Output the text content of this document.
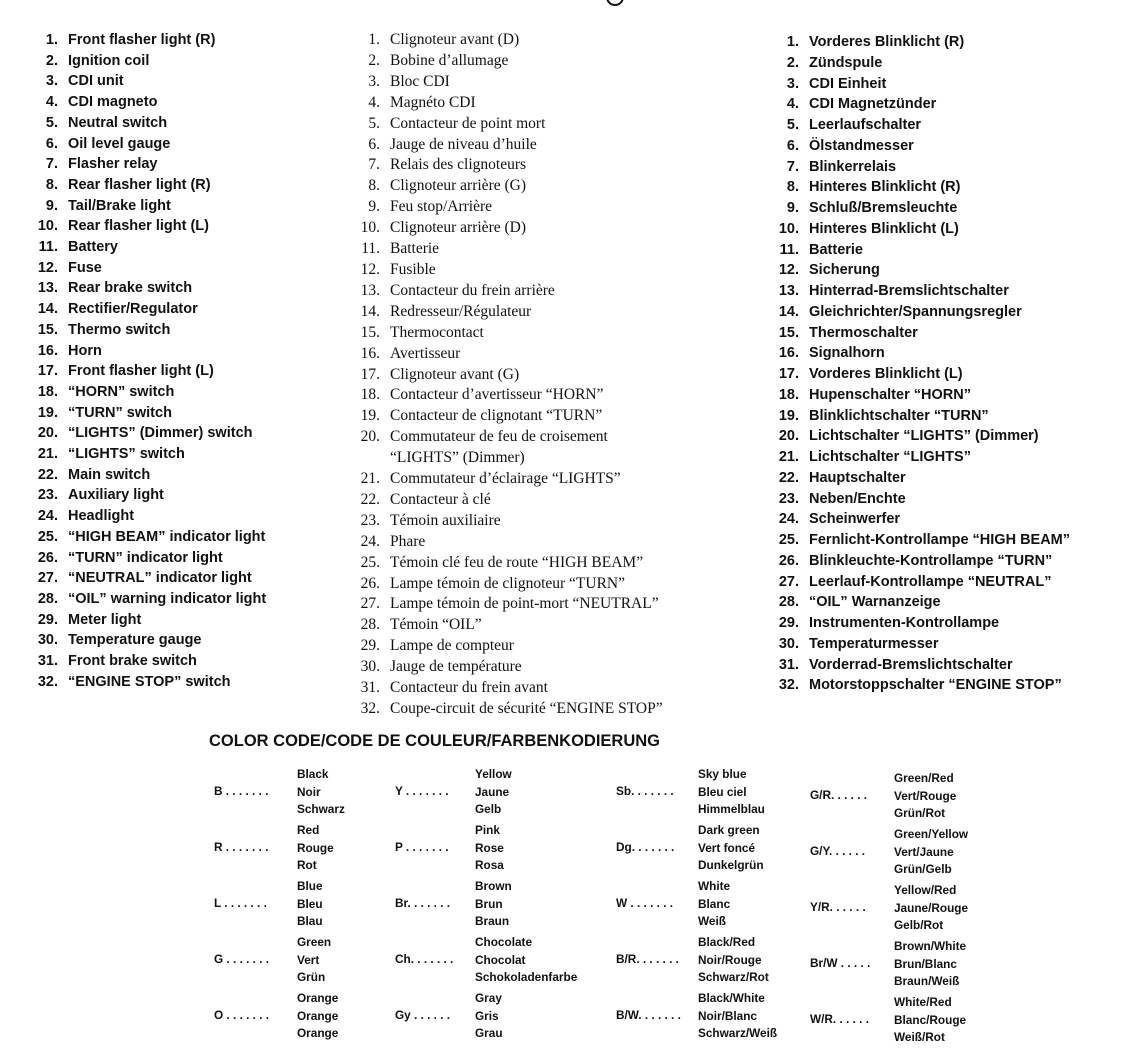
1. Front flasher light (R)
2. Ignition coil
3. CDI unit
4. CDI magneto
5. Neutral switch
6. Oil level gauge
7. Flasher relay
8. Rear flasher light (R)
9. Tail/Brake light
10. Rear flasher light (L)
11. Battery
12. Fuse
13. Rear brake switch
14. Rectifier/Regulator
15. Thermo switch
16. Horn
17. Front flasher light (L)
18. “HORN” switch
19. “TURN” switch
20. “LIGHTS” (Dimmer) switch
21. “LIGHTS” switch
22. Main switch
23. Auxiliary light
24. Headlight
25. “HIGH BEAM” indicator light
26. “TURN” indicator light
27. “NEUTRAL” indicator light
28. “OIL” warning indicator light
29. Meter light
30. Temperature gauge
31. Front brake switch
32. “ENGINE STOP” switch
1. Clignoteur avant (D)
2. Bobine d’allumage
3. Bloc CDI
4. Magnéto CDI
5. Contacteur de point mort
6. Jauge de niveau d’huile
7. Relais des clignoteurs
8. Clignoteur arrière (G)
9. Feu stop/Arrière
10. Clignoteur arrière (D)
11. Batterie
12. Fusible
13. Contacteur du frein arrière
14. Redresseur/Régulateur
15. Thermocontact
16. Avertisseur
17. Clignoteur avant (G)
18. Contacteur d’avertisseur “HORN”
19. Contacteur de clignotant “TURN”
20. Commutateur de feu de croisement
“LIGHTS” (Dimmer)
21. Commutateur d’éclairage “LIGHTS”
22. Contacteur à clé
23. Témoin auxiliaire
24. Phare
25. Témoin clé feu de route “HIGH BEAM”
26. Lampe témoin de clignoteur “TURN”
27. Lampe témoin de point-mort “NEUTRAL”
28. Témoin “OIL”
29. Lampe de compteur
30. Jauge de température
31. Contacteur du frein avant
32. Coupe-circuit de sécurité “ENGINE STOP”
1. Vorderes Blinklicht (R)
2. Zündspule
3. CDI Einheit
4. CDI Magnetzünder
5. Leerlaufschalter
6. Ölstandmesser
7. Blinkerrelais
8. Hinteres Blinklicht (R)
9. Schluß/Bremsleuchte
10. Hinteres Blinklicht (L)
11. Batterie
12. Sicherung
13. Hinterrad-Bremslichtschalter
14. Gleichrichter/Spannungsregler
15. Thermoschalter
16. Signalhorn
17. Vorderes Blinklicht (L)
18. Hupenschalter “HORN”
19. Blinklichtschalter “TURN”
20. Lichtschalter “LIGHTS” (Dimmer)
21. Lichtschalter “LIGHTS”
22. Hauptschalter
23. Neben/Enchte
24. Scheinwerfer
25. Fernlicht-Kontrollampe “HIGH BEAM”
26. Blinkleuchte-Kontrollampe “TURN”
27. Leerlauf-Kontrollampe “NEUTRAL”
28. “OIL” Warnanzeige
29. Instrumenten-Kontrollampe
30. Temperaturmesser
31. Vorderrad-Bremslichtschalter
32. Motorstoppschalter “ENGINE STOP”
COLOR CODE/CODE DE COULEUR/FARBENKODIERUNG
B . . . . . . .
Black
Noir
Schwarz
R . . . . . . .
Red
Rouge
Rot
L . . . . . . .
Blue
Bleu
Blau
G . . . . . . .
Green
Vert
Grün
O . . . . . . .
Orange
Orange
Orange
Y . . . . . . .
Yellow
Jaune
Gelb
P . . . . . . .
Pink
Rose
Rosa
Br. . . . . . .
Brown
Brun
Braun
Ch. . . . . . .
Chocolate
Chocolat
Schokoladenfarbe
Gy . . . . . .
Gray
Gris
Grau
Sb. . . . . . .
Sky blue
Bleu ciel
Himmelblau
Dg. . . . . . .
Dark green
Vert foncé
Dunkelgrün
W . . . . . . .
White
Blanc
Weiß
B/R. . . . . . .
Black/Red
Noir/Rouge
Schwarz/Rot
B/W. . . . . . .
Black/White
Noir/Blanc
Schwarz/Weiß
G/R. . . . . .
Green/Red
Vert/Rouge
Grün/Rot
G/Y. . . . . .
Green/Yellow
Vert/Jaune
Grün/Gelb
Y/R. . . . . .
Yellow/Red
Jaune/Rouge
Gelb/Rot
Br/W . . . . .
Brown/White
Brun/Blanc
Braun/Weiß
W/R. . . . . .
White/Red
Blanc/Rouge
Weiß/Rot
